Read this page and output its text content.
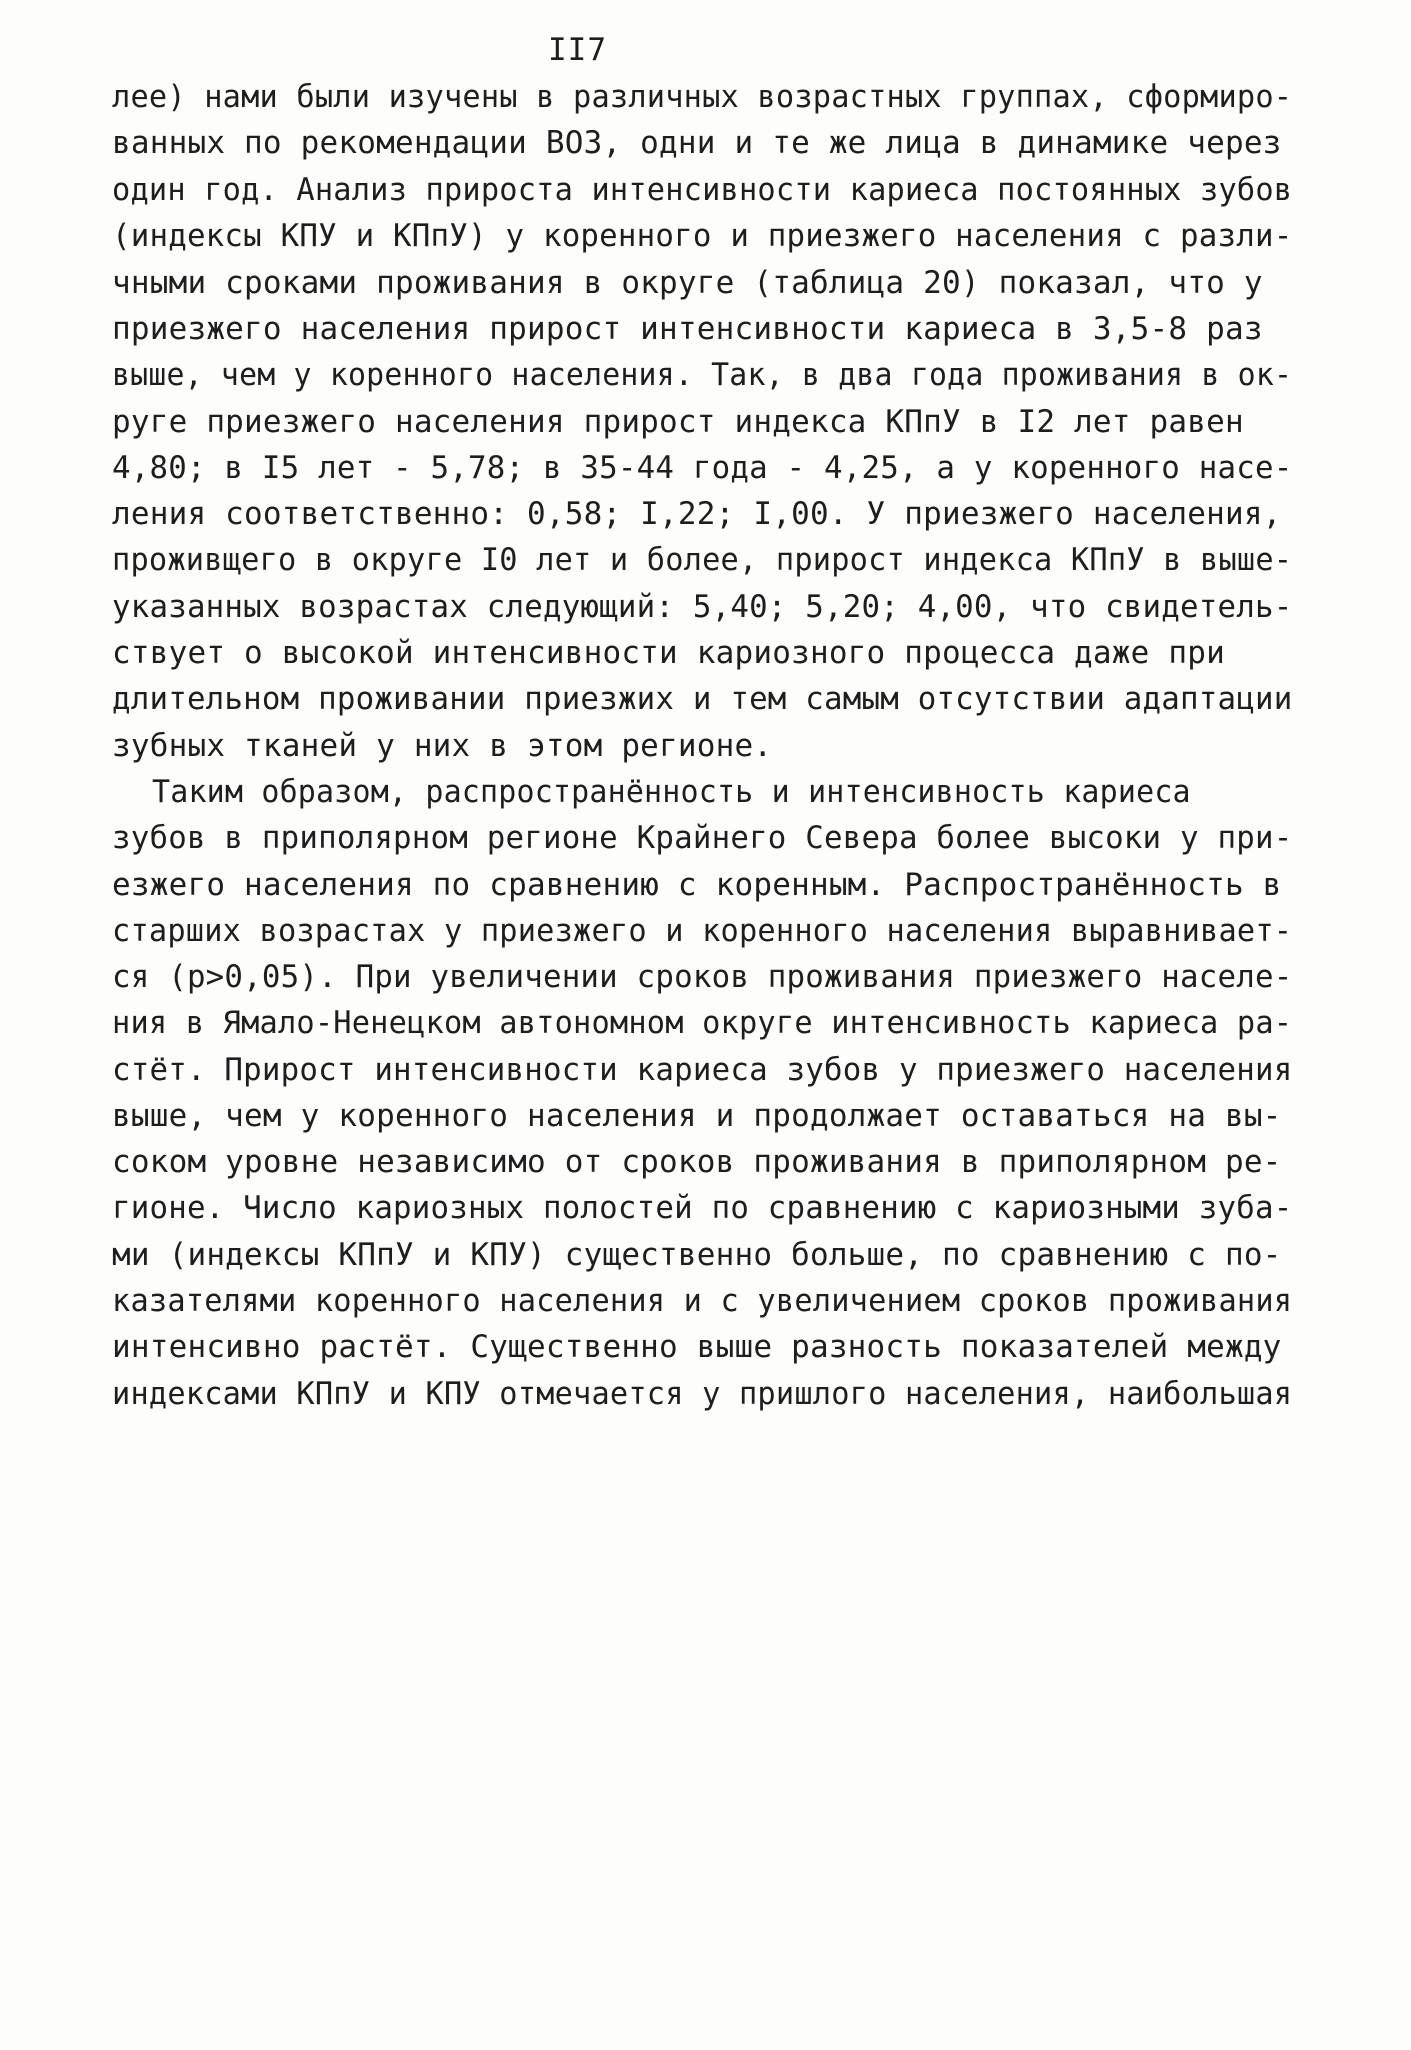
II7
лее) нами были изучены в различных возрастных группах, сформиро-
ванных по рекомендации ВОЗ, одни и те же лица в динамике через
один год. Анализ прироста интенсивности кариеса постоянных зубов
(индексы КПУ и КПпУ) у коренного и приезжего населения с разли-
чными сроками проживания в округе (таблица 20) показал, что у
приезжего населения прирост интенсивности кариеса в 3,5-8 раз
выше, чем у коренного населения. Так, в два года проживания в ок-
руге приезжего населения прирост индекса КПпУ в I2 лет равен
4,80; в I5 лет - 5,78; в 35-44 года - 4,25, а у коренного насе-
ления соответственно: 0,58; I,22; I,00. У приезжего населения,
проживщего в округе I0 лет и более, прирост индекса КПпУ в выше-
указанных возрастах следующий: 5,40; 5,20; 4,00, что свидетель-
ствует о высокой интенсивности кариозного процесса даже при
длительном проживании приезжих и тем самым отсутствии адаптации
зубных тканей у них в этом регионе.
Таким образом, распространённость и интенсивность кариеса
зубов в приполярном регионе Крайнего Севера более высоки у при-
езжего населения по сравнению с коренным. Распространённость в
старших возрастах у приезжего и коренного населения выравнивает-
ся (p>0,05). При увеличении сроков проживания приезжего населе-
ния в Ямало-Ненецком автономном округе интенсивность кариеса ра-
стёт. Прирост интенсивности кариеса зубов у приезжего населения
выше, чем у коренного населения и продолжает оставаться на вы-
соком уровне независимо от сроков проживания в приполярном ре-
гионе. Число кариозных полостей по сравнению с кариозными зуба-
ми (индексы КПпУ и КПУ) существенно больше, по сравнению с по-
казателями коренного населения и с увеличением сроков проживания
интенсивно растёт. Существенно выше разность показателей между
индексами КПпУ и КПУ отмечается у пришлого населения, наибольшая
